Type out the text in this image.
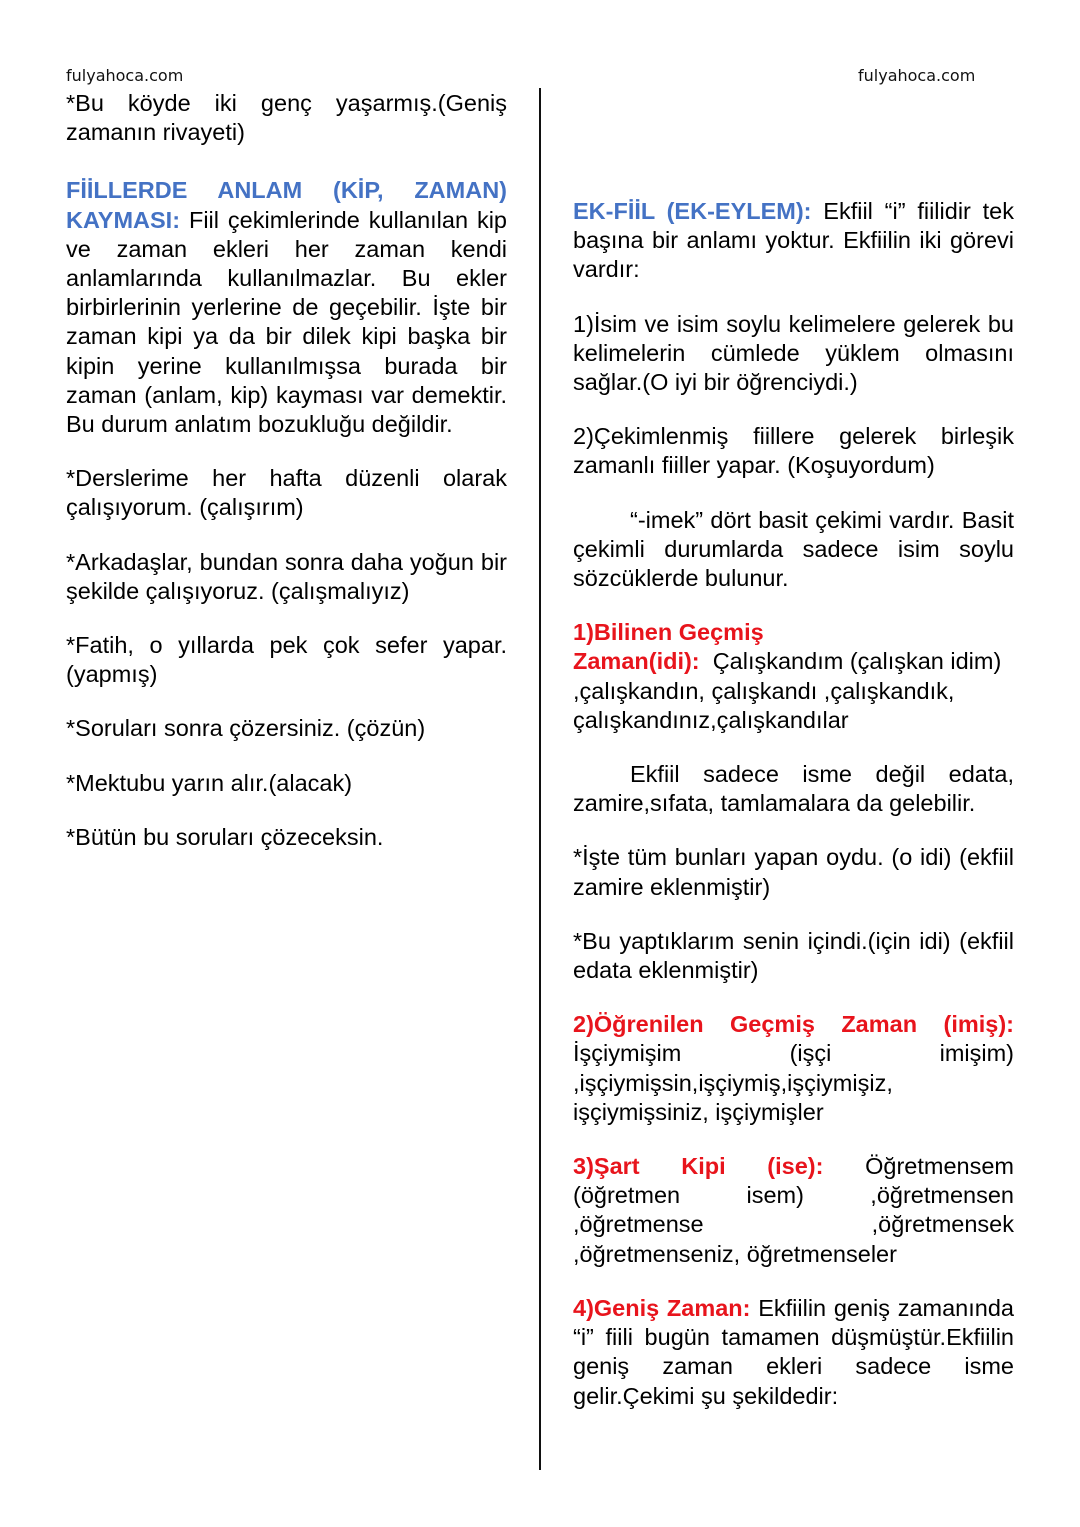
fulyahoca.com	fulyahoca.com

*Bu köyde iki genç yaşarmış.(Geniş zamanın rivayeti)

FİİLLERDE ANLAM (KİP, ZAMAN) KAYMASI: Fiil çekimlerinde kullanılan kip ve zaman ekleri her zaman kendi anlamlarında kullanılmazlar. Bu ekler birbirlerinin yerlerine de geçebilir. İşte bir zaman kipi ya da bir dilek kipi başka bir kipin yerine kullanılmışsa burada bir zaman (anlam, kip) kayması var demektir. Bu durum anlatım bozukluğu değildir.

*Derslerime her hafta düzenli olarak çalışıyorum. (çalışırım)

*Arkadaşlar, bundan sonra daha yoğun bir şekilde çalışıyoruz. (çalışmalıyız)

*Fatih, o yıllarda pek çok sefer yapar. (yapmış)

*Soruları sonra çözersiniz. (çözün)

*Mektubu yarın alır.(alacak)

*Bütün bu soruları çözeceksin.

EK-FİİL (EK-EYLEM): Ekfiil “i” fiilidir tek başına bir anlamı yoktur. Ekfiilin iki görevi vardır:

1)İsim ve isim soylu kelimelere gelerek bu kelimelerin cümlede yüklem olmasını sağlar.(O iyi bir öğrenciydi.)

2)Çekimlenmiş fiillere gelerek birleşik zamanlı fiiller yapar. (Koşuyordum)

“-imek” dört basit çekimi vardır. Basit çekimli durumlarda sadece isim soylu sözcüklerde bulunur.

1)Bilinen Geçmiş
Zaman(idi):  Çalışkandım (çalışkan idim) ,çalışkandın, çalışkandı ,çalışkandık, çalışkandınız,çalışkandılar

Ekfiil sadece isme değil edata, zamire,sıfata, tamlamalara da gelebilir.

*İşte tüm bunları yapan oydu. (o idi) (ekfiil zamire eklenmiştir)

*Bu yaptıklarım senin içindi.(için idi) (ekfiil edata eklenmiştir)

2)Öğrenilen Geçmiş Zaman (imiş): İşçiymişim (işçi imişim) ,işçiymişsin,işçiymiş,işçiymişiz, işçiymişsiniz, işçiymişler

3)Şart Kipi (ise): Öğretmensem (öğretmen isem) ,öğretmensen ,öğretmense ,öğretmensek ,öğretmenseniz, öğretmenseler

4)Geniş Zaman: Ekfiilin geniş zamanında “i” fiili bugün tamamen düşmüştür.Ekfiilin geniş zaman ekleri sadece isme gelir.Çekimi şu şekildedir:
